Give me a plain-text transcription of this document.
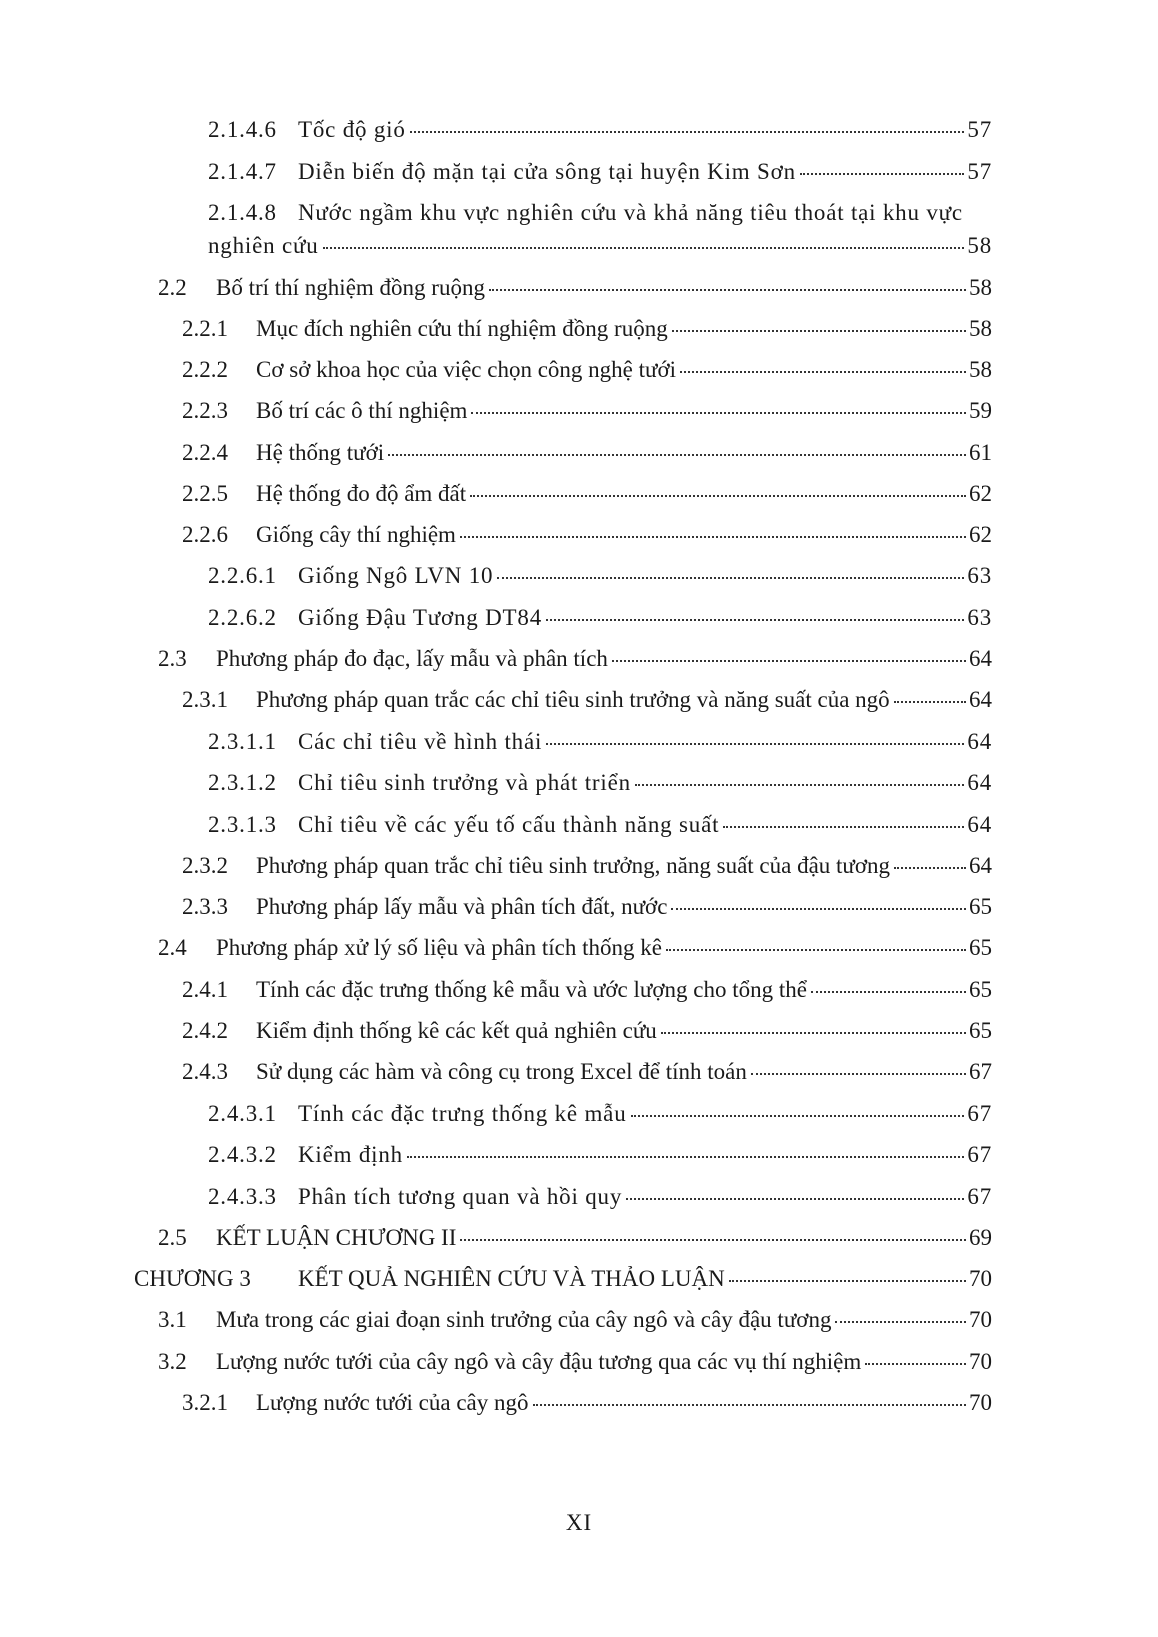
2.1.4.6 Tốc độ gió	57
2.1.4.7 Diễn biến độ mặn tại cửa sông tại huyện Kim Sơn	57
2.1.4.8 Nước ngầm khu vực nghiên cứu và khả năng tiêu thoát tại khu vực
nghiên cứu	58
2.2	Bố trí thí nghiệm đồng ruộng	58
2.2.1	Mục đích nghiên cứu thí nghiệm đồng ruộng	58
2.2.2	Cơ sở khoa học của việc chọn công nghệ tưới	58
2.2.3	Bố trí các ô thí nghiệm	59
2.2.4	Hệ thống tưới	61
2.2.5	Hệ thống đo độ ẩm đất	62
2.2.6	Giống cây thí nghiệm	62
2.2.6.1 Giống Ngô LVN 10	63
2.2.6.2 Giống Đậu Tương DT84	63
2.3	Phương pháp đo đạc, lấy mẫu và phân tích	64
2.3.1	Phương pháp quan trắc các chỉ tiêu sinh trưởng và năng suất của ngô	64
2.3.1.1 Các chỉ tiêu về hình thái	64
2.3.1.2 Chỉ tiêu sinh trưởng và phát triển	64
2.3.1.3 Chỉ tiêu về các yếu tố cấu thành năng suất	64
2.3.2	Phương pháp quan trắc chỉ tiêu sinh trưởng, năng suất của đậu tương	64
2.3.3	Phương pháp lấy mẫu và phân tích đất, nước	65
2.4	Phương pháp xử lý số liệu và phân tích thống kê	65
2.4.1	Tính các đặc trưng thống kê mẫu và ước lượng cho tổng thể	65
2.4.2	Kiểm định thống kê các kết quả nghiên cứu	65
2.4.3	Sử dụng các hàm và công cụ trong Excel để tính toán	67
2.4.3.1 Tính các đặc trưng thống kê mẫu	67
2.4.3.2 Kiểm định	67
2.4.3.3 Phân tích tương quan và hồi quy	67
2.5	KẾT LUẬN CHƯƠNG II	69
CHƯƠNG 3	KẾT QUẢ NGHIÊN CỨU VÀ THẢO LUẬN	70
3.1	Mưa trong các giai đoạn sinh trưởng của cây ngô và cây đậu tương	70
3.2	Lượng nước tưới của cây ngô và cây đậu tương qua các vụ thí nghiệm	70
3.2.1	Lượng nước tưới của cây ngô	70
XI
